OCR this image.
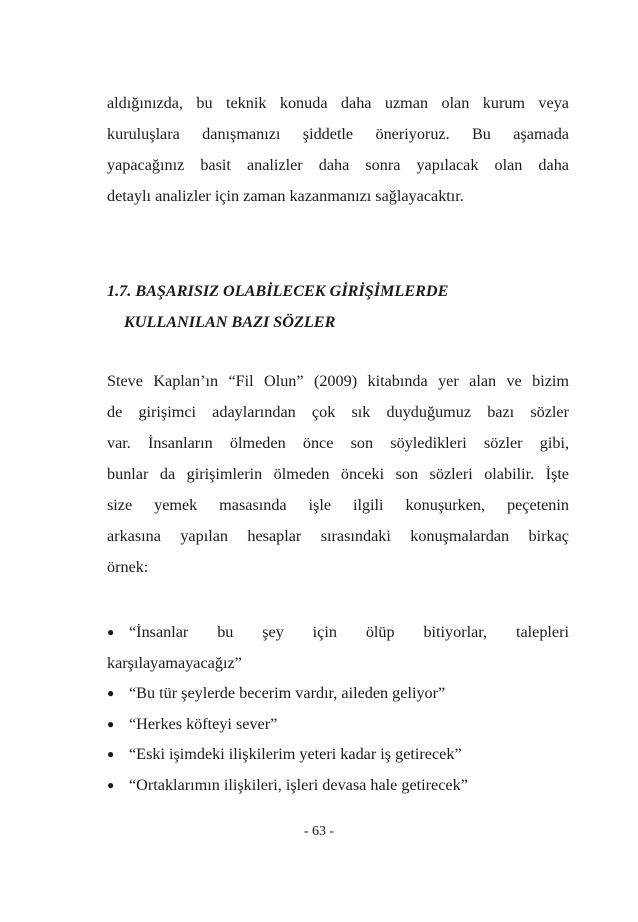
aldığınızda, bu teknik konuda daha uzman olan kurum veya
kuruluşlara danışmanızı şiddetle öneriyoruz. Bu aşamada
yapacağınız basit analizler daha sonra yapılacak olan daha
detaylı analizler için zaman kazanmanızı sağlayacaktır.
1.7. BAŞARISIZ OLABİLECEK GİRİŞİMLERDE
KULLANILAN BAZI SÖZLER
Steve Kaplan’ın “Fil Olun” (2009) kitabında yer alan ve bizim
de girişimci adaylarından çok sık duyduğumuz bazı sözler
var. İnsanların ölmeden önce son söyledikleri sözler gibi,
bunlar da girişimlerin ölmeden önceki son sözleri olabilir. İşte
size yemek masasında işle ilgili konuşurken, peçetenin
arkasına yapılan hesaplar sırasındaki konuşmalardan birkaç
örnek:
● “İnsanlar bu şey için ölüp bitiyorlar, talepleri
karşılayamayacağız”
● “Bu tür şeylerde becerim vardır, aileden geliyor”
● “Herkes köfteyi sever”
● “Eski işimdeki ilişkilerim yeteri kadar iş getirecek”
● “Ortaklarımın ilişkileri, işleri devasa hale getirecek”
- 63 -
